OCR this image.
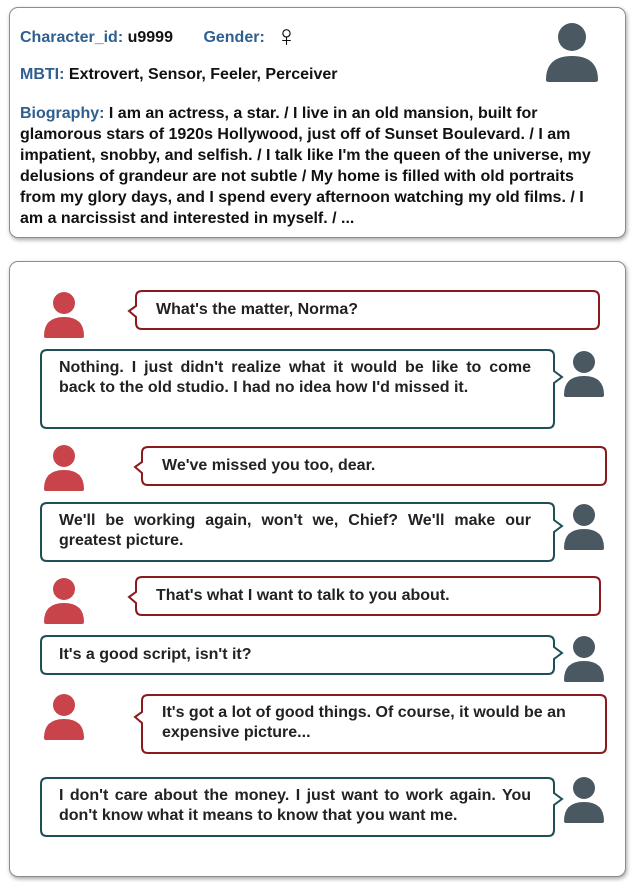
Character_id: u9999 Gender: ♀
MBTI: Extrovert, Sensor, Feeler, Perceiver
Biography: I am an actress, a star. / I live in an old mansion, built for glamorous stars of 1920s Hollywood, just off of Sunset Boulevard. / I am impatient, snobby, and selfish. / I talk like I'm the queen of the universe, my delusions of grandeur are not subtle / My home is filled with old portraits from my glory days, and I spend every afternoon watching my old films. / I am a narcissist and interested in myself. / ...
What's the matter, Norma?
Nothing. I just didn't realize what it would be like to come back to the old studio. I had no idea how I'd missed it.
We've missed you too, dear.
We'll be working again, won't we, Chief? We'll make our greatest picture.
That's what I want to talk to you about.
It's a good script, isn't it?
It's got a lot of good things. Of course, it would be an expensive picture...
I don't care about the money. I just want to work again. You don't know what it means to know that you want me.
